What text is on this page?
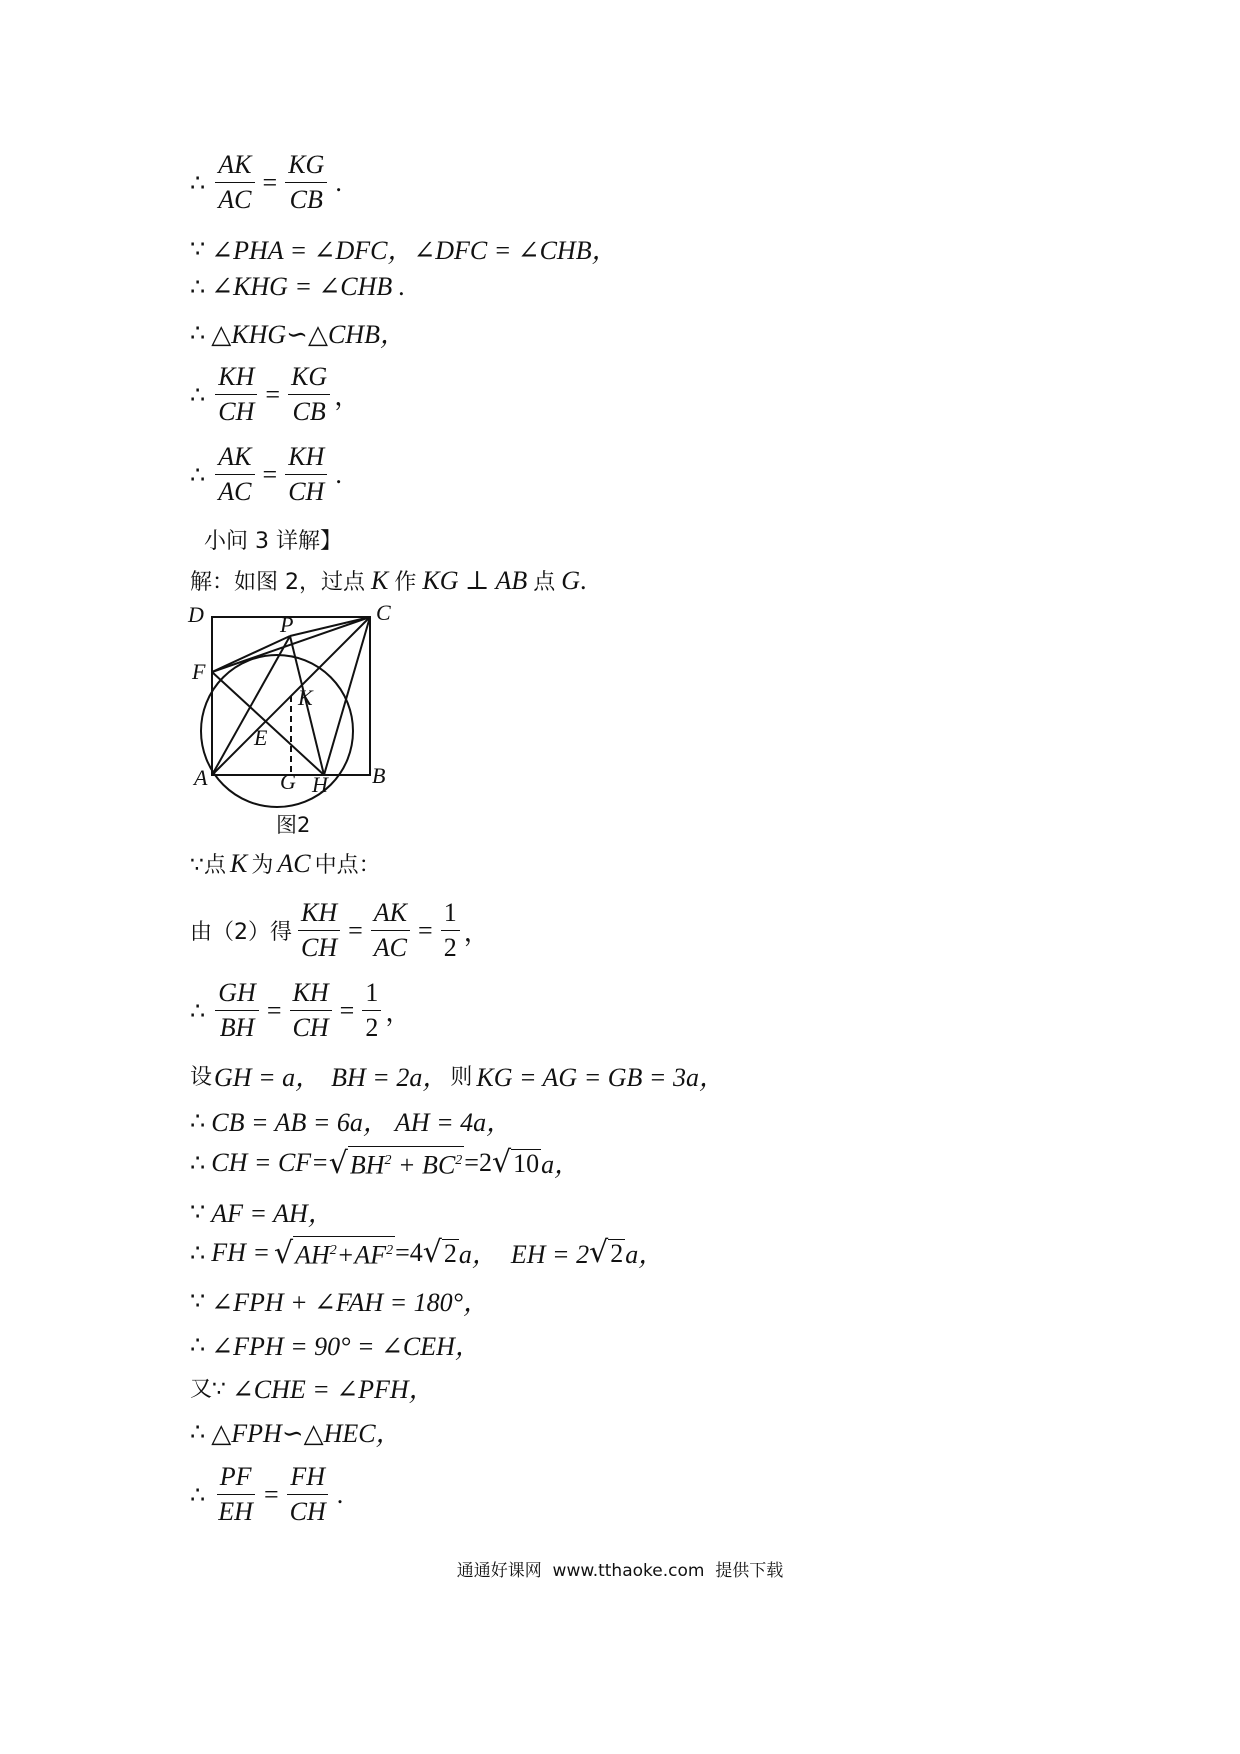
∴ $\frac{AK}{AC} = \frac{KG}{CB}$ .
∵ ∠PHA = ∠DFC，∠DFC = ∠CHB，
∴ ∠KHG = ∠CHB .
∴ △KHG∽△CHB，
∴ $\frac{KH}{CH} = \frac{KG}{CB}$ ，
∴ $\frac{AK}{AC} = \frac{KH}{CH}$ .
小问 3 详解】
解：如图 2，过点 K 作 KG ⊥ AB 点 G .
D	C
P
F
K
E
A	B
G H
图2
∵点 K 为 AC 中点：
由（2）得 $\frac{KH}{CH} = \frac{AK}{AC} = \frac{1}{2}$ ，
∴ $\frac{GH}{BH} = \frac{KH}{CH} = \frac{1}{2}$ ，
设 GH = a， BH = 2a， 则 KG = AG = GB = 3a，
∴ CB = AB = 6a， AH = 4a，
∴ CH = CF= √ $BH^2 + BC^2 =2$ √ 10 a，
∵ AF = AH，
∴ FH = √ $AH^2+AF^2 =4$ √ 2 a，  EH = 2 √ 2 a，
∵ ∠FPH + ∠FAH = 180°，
∴ ∠FPH = 90° = ∠CEH，
又∵ ∠CHE = ∠PFH，
∴ △FPH∽△HEC，
∴ $\frac{PF}{EH} = \frac{FH}{CH}$ .
通通好课网  www.tthaoke.com  提供下载
